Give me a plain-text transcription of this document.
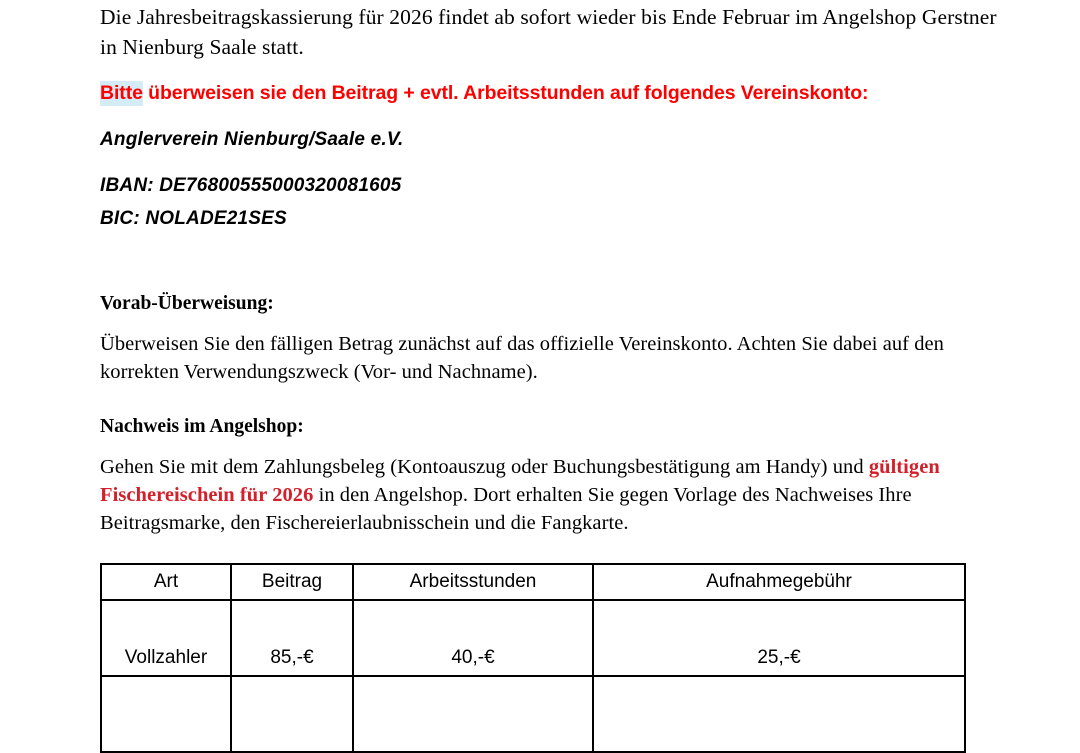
Die Jahresbeitragskassierung für 2026 findet ab sofort wieder bis Ende Februar im Angelshop Gerstner in Nienburg Saale statt.

Bitte überweisen sie den Beitrag + evtl. Arbeitsstunden auf folgendes Vereinskonto:

Anglerverein Nienburg/Saale e.V.

IBAN: DE76800555000320081605

BIC: NOLADE21SES

Vorab-Überweisung:

Überweisen Sie den fälligen Betrag zunächst auf das offizielle Vereinskonto. Achten Sie dabei auf den korrekten Verwendungszweck (Vor- und Nachname).

Nachweis im Angelshop:

Gehen Sie mit dem Zahlungsbeleg (Kontoauszug oder Buchungsbestätigung am Handy) und gültigen Fischereischein für 2026 in den Angelshop. Dort erhalten Sie gegen Vorlage des Nachweises Ihre Beitragsmarke, den Fischereierlaubnisschein und die Fangkarte.

Art	Beitrag	Arbeitsstunden	Aufnahmegebühr
Vollzahler	85,-€	40,-€	25,-€
